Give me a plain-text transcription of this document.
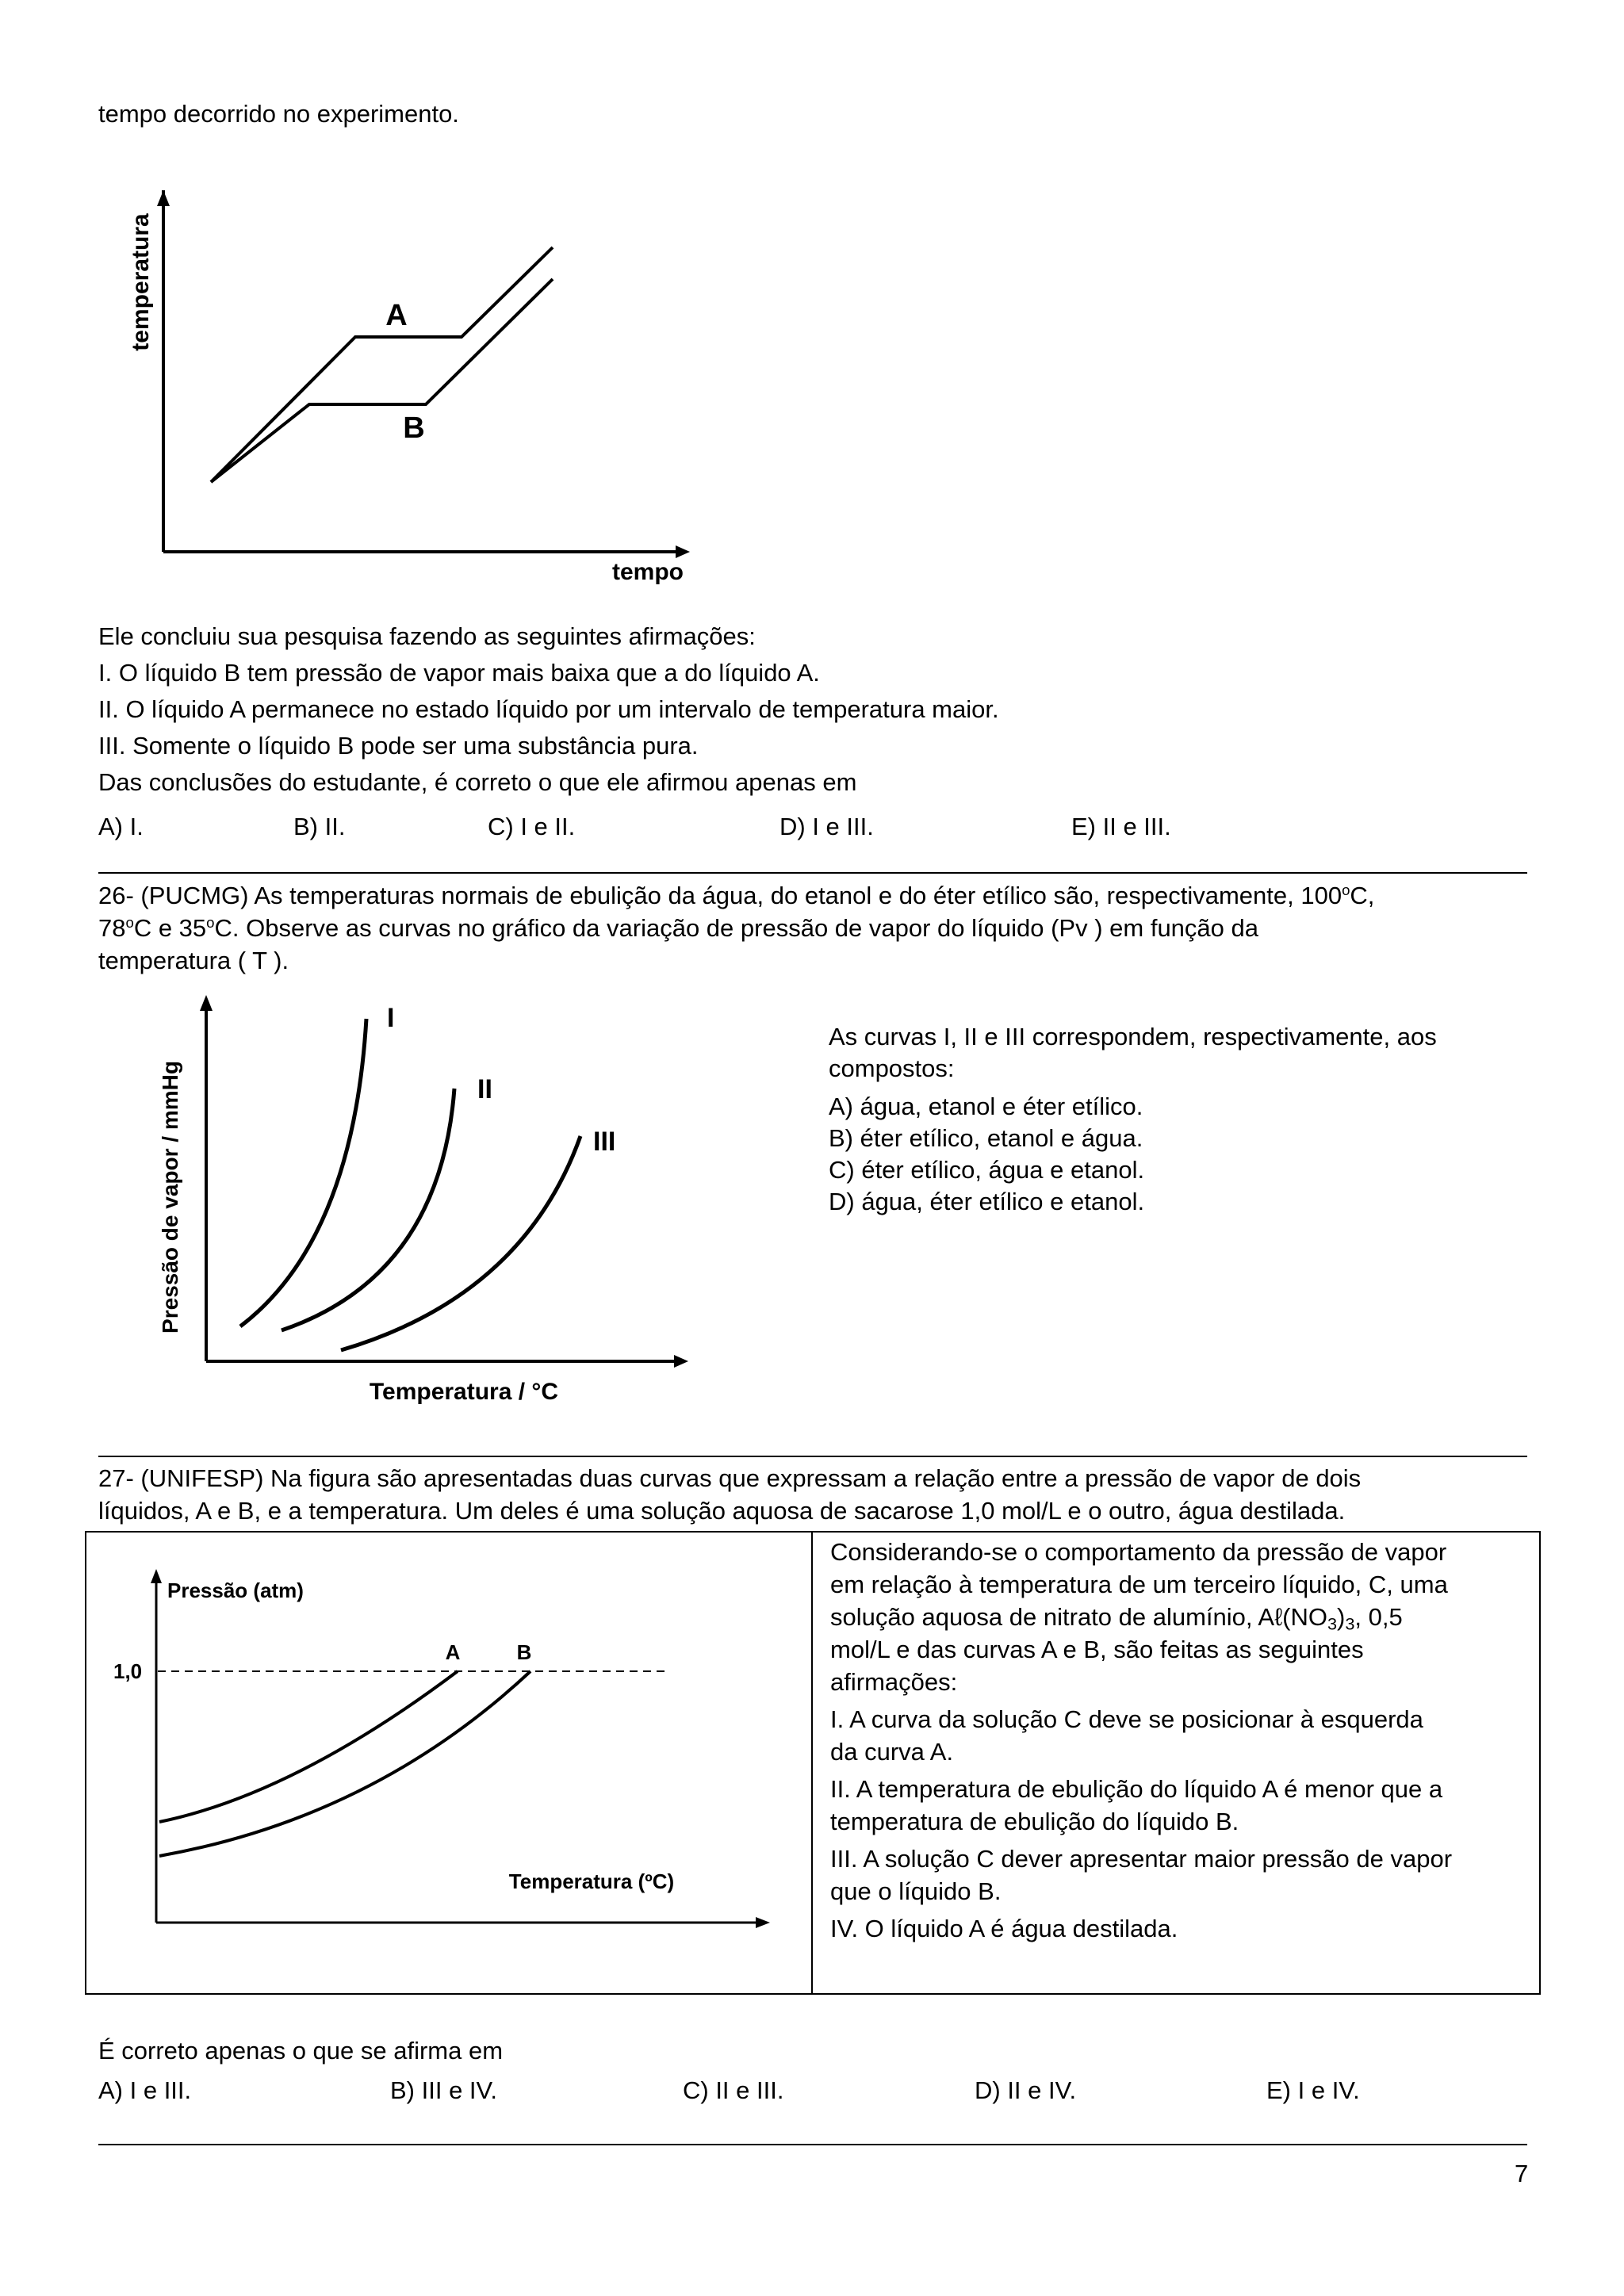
tempo decorrido no experimento.
A
B
temperatura
tempo
Ele concluiu sua pesquisa fazendo as seguintes afirmações:
I. O líquido B tem pressão de vapor mais baixa que a do líquido A.
II. O líquido A permanece no estado líquido por um intervalo de temperatura maior.
III. Somente o líquido B pode ser uma substância pura.
Das conclusões do estudante, é correto o que ele afirmou apenas em
A) I.	B) II.	C) I e II.	D) I e III.	E) II e III.
26- (PUCMG) As temperaturas normais de ebulição da água, do etanol e do éter etílico são, respectivamente, 100$^o$C,
78$^o$C e 35$^o$C. Observe as curvas no gráfico da variação de pressão de vapor do líquido (Pv ) em função da
temperatura ( T ).
I
II
III
Pressão de vapor / mmHg
Temperatura / °C
As curvas I, II e III correspondem, respectivamente, aos
compostos:
A) água, etanol e éter etílico.
B) éter etílico, etanol e água.
C) éter etílico, água e etanol.
D) água, éter etílico e etanol.
27- (UNIFESP) Na figura são apresentadas duas curvas que expressam a relação entre a pressão de vapor de dois
líquidos, A e B, e a temperatura. Um deles é uma solução aquosa de sacarose 1,0 mol/L e o outro, água destilada.
Pressão (atm)
1,0
A	B
Temperatura (ºC)
Considerando-se o comportamento da pressão de vapor
em relação à temperatura de um terceiro líquido, C, uma
solução aquosa de nitrato de alumínio, $A\ell(NO_3)_3$, 0,5
mol/L e das curvas A e B, são feitas as seguintes
afirmações:
I. A curva da solução C deve se posicionar à esquerda
da curva A.
II. A temperatura de ebulição do líquido A é menor que a
temperatura de ebulição do líquido B.
III. A solução C dever apresentar maior pressão de vapor
que o líquido B.
IV. O líquido A é água destilada.
É correto apenas o que se afirma em
A) I e III.	B) III e IV.	C) II e III.	D) II e IV.	E) I e IV.
7
